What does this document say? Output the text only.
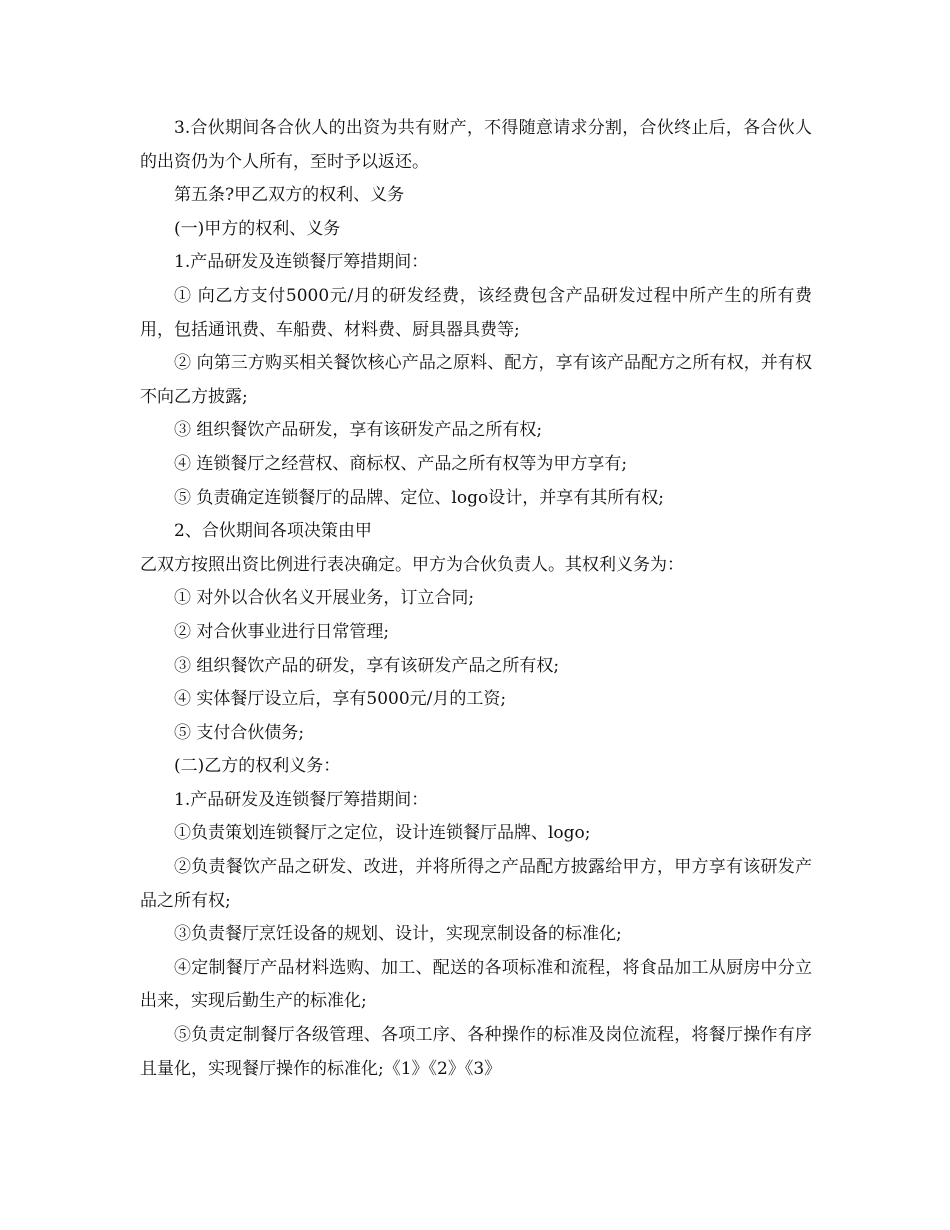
3.合伙期间各合伙人的出资为共有财产，不得随意请求分割，合伙终止后，各合伙人的出资仍为个人所有，至时予以返还。

第五条?甲乙双方的权利、义务

(一)甲方的权利、义务

1.产品研发及连锁餐厅筹措期间：

① 向乙方支付5000元/月的研发经费，该经费包含产品研发过程中所产生的所有费用，包括通讯费、车船费、材料费、厨具器具费等;

② 向第三方购买相关餐饮核心产品之原料、配方，享有该产品配方之所有权，并有权不向乙方披露;

③ 组织餐饮产品研发，享有该研发产品之所有权;

④ 连锁餐厅之经营权、商标权、产品之所有权等为甲方享有;

⑤ 负责确定连锁餐厅的品牌、定位、logo设计，并享有其所有权;

2、合伙期间各项决策由甲

乙双方按照出资比例进行表决确定。甲方为合伙负责人。其权利义务为：

① 对外以合伙名义开展业务，订立合同;

② 对合伙事业进行日常管理;

③ 组织餐饮产品的研发，享有该研发产品之所有权;

④ 实体餐厅设立后，享有5000元/月的工资;

⑤ 支付合伙债务;

(二)乙方的权利义务：

1.产品研发及连锁餐厅筹措期间：

①负责策划连锁餐厅之定位，设计连锁餐厅品牌、logo;

②负责餐饮产品之研发、改进，并将所得之产品配方披露给甲方，甲方享有该研发产品之所有权;

③负责餐厅烹饪设备的规划、设计，实现烹制设备的标准化;

④定制餐厅产品材料选购、加工、配送的各项标准和流程，将食品加工从厨房中分立出来，实现后勤生产的标准化;

⑤负责定制餐厅各级管理、各项工序、各种操作的标准及岗位流程，将餐厅操作有序且量化，实现餐厅操作的标准化;《1》《2》《3》
